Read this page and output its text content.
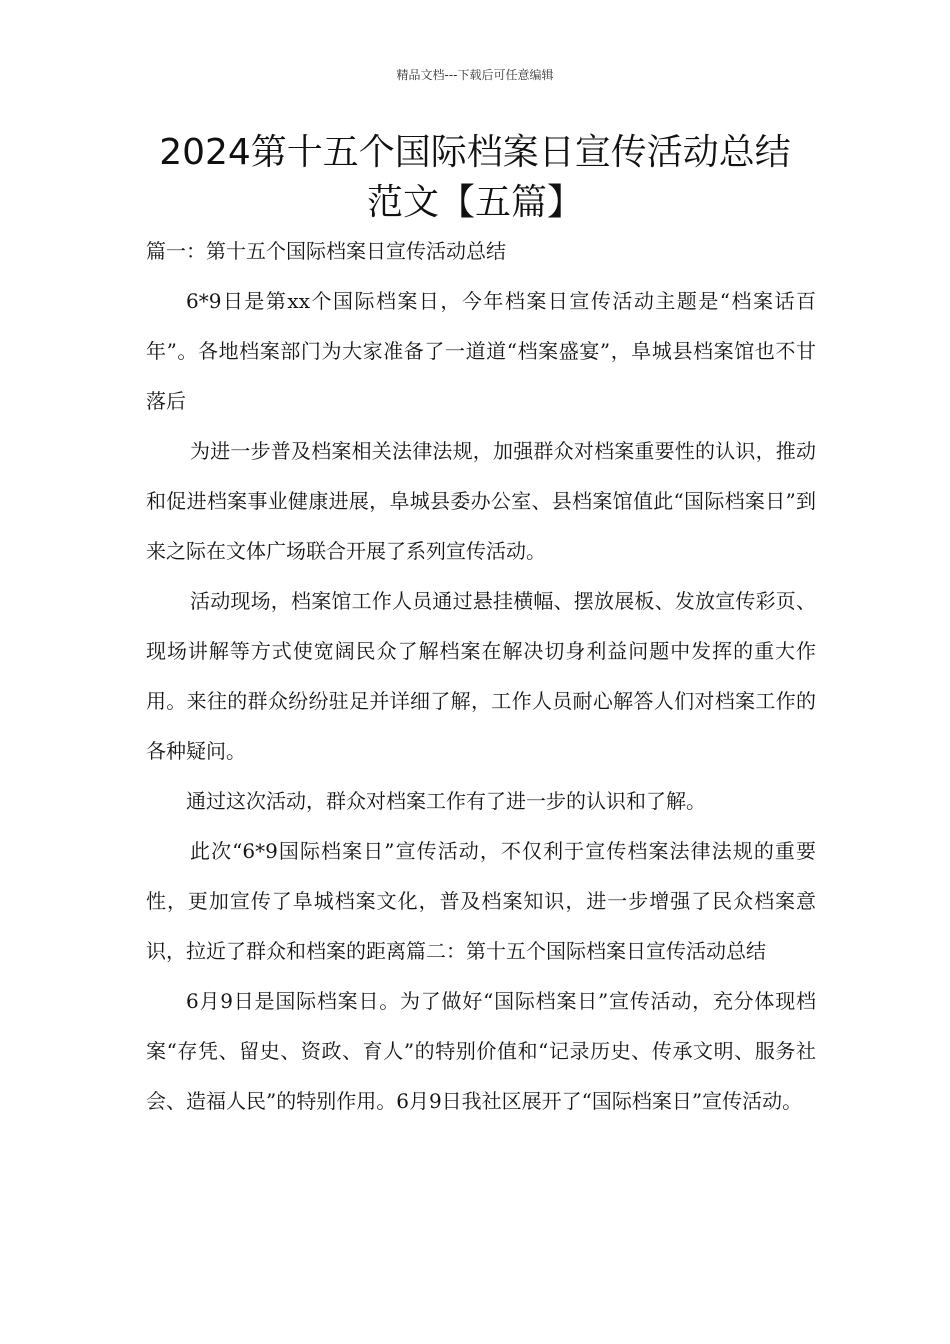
精品文档---下载后可任意编辑
2024第十五个国际档案日宣传活动总结
范文【五篇】

篇一：第十五个国际档案日宣传活动总结

6*9日是第xx个国际档案日，今年档案日宣传活动主题是“档案话百年”。各地档案部门为大家准备了一道道“档案盛宴”，阜城县档案馆也不甘落后

为进一步普及档案相关法律法规，加强群众对档案重要性的认识，推动和促进档案事业健康进展，阜城县委办公室、县档案馆值此“国际档案日”到来之际在文体广场联合开展了系列宣传活动。

活动现场，档案馆工作人员通过悬挂横幅、摆放展板、发放宣传彩页、现场讲解等方式使宽阔民众了解档案在解决切身利益问题中发挥的重大作用。来往的群众纷纷驻足并详细了解，工作人员耐心解答人们对档案工作的各种疑问。

通过这次活动，群众对档案工作有了进一步的认识和了解。

此次“6*9国际档案日”宣传活动，不仅利于宣传档案法律法规的重要性，更加宣传了阜城档案文化，普及档案知识，进一步增强了民众档案意识，拉近了群众和档案的距离篇二：第十五个国际档案日宣传活动总结

6月9日是国际档案日。为了做好“国际档案日”宣传活动，充分体现档案“存凭、留史、资政、育人”的特别价值和“记录历史、传承文明、服务社会、造福人民”的特别作用。6月9日我社区展开了“国际档案日”宣传活动。
